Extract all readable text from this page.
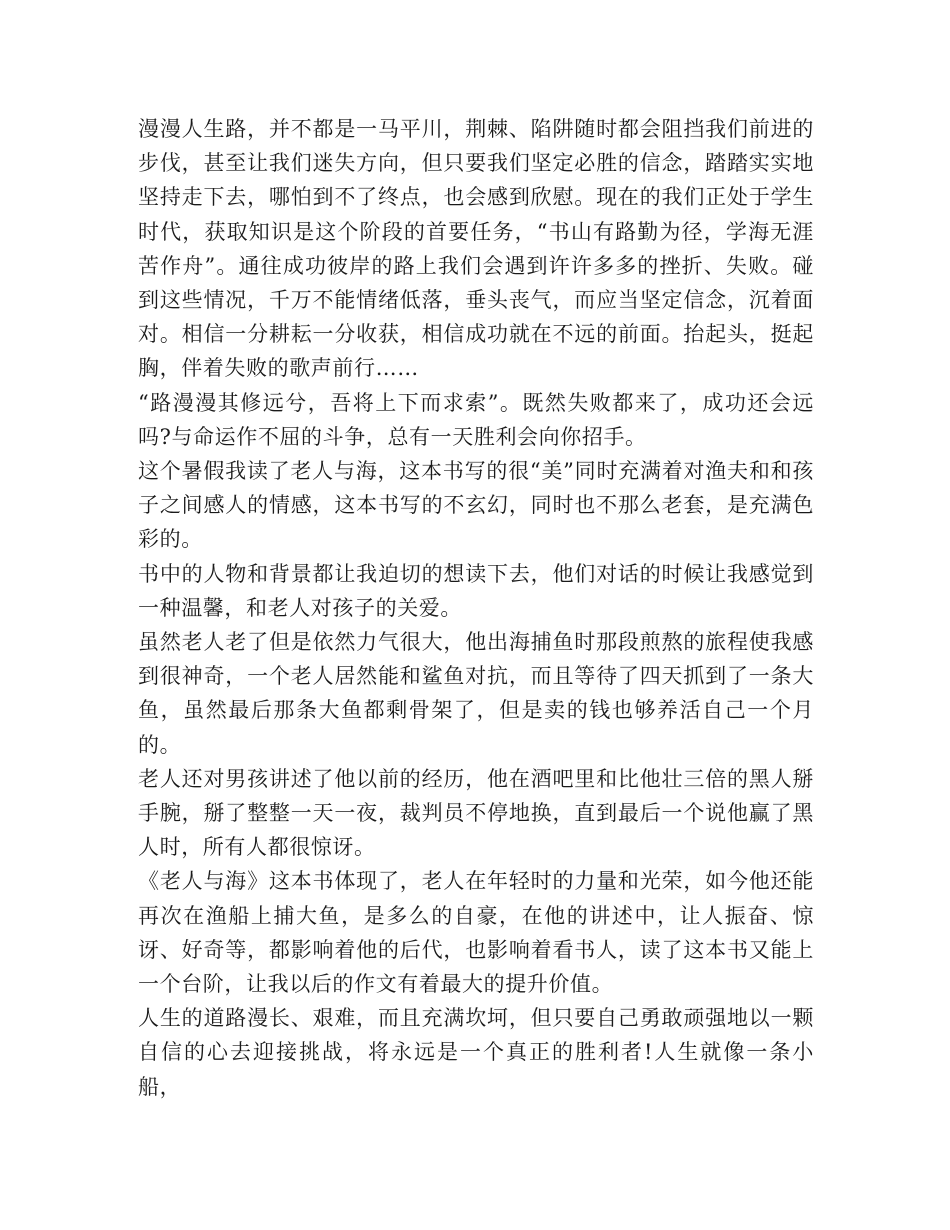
漫漫人生路，并不都是一马平川，荆棘、陷阱随时都会阻挡我们前进的步伐，甚至让我们迷失方向，但只要我们坚定必胜的信念，踏踏实实地坚持走下去，哪怕到不了终点，也会感到欣慰。现在的我们正处于学生时代，获取知识是这个阶段的首要任务，“书山有路勤为径，学海无涯苦作舟”。通往成功彼岸的路上我们会遇到许许多多的挫折、失败。碰到这些情况，千万不能情绪低落，垂头丧气，而应当坚定信念，沉着面对。相信一分耕耘一分收获，相信成功就在不远的前面。抬起头，挺起胸，伴着失败的歌声前行……

“路漫漫其修远兮，吾将上下而求索”。既然失败都来了，成功还会远吗?与命运作不屈的斗争，总有一天胜利会向你招手。

这个暑假我读了老人与海，这本书写的很“美”同时充满着对渔夫和和孩子之间感人的情感，这本书写的不玄幻，同时也不那么老套，是充满色彩的。

书中的人物和背景都让我迫切的想读下去，他们对话的时候让我感觉到一种温馨，和老人对孩子的关爱。

虽然老人老了但是依然力气很大，他出海捕鱼时那段煎熬的旅程使我感到很神奇，一个老人居然能和鲨鱼对抗，而且等待了四天抓到了一条大鱼，虽然最后那条大鱼都剩骨架了，但是卖的钱也够养活自己一个月的。

老人还对男孩讲述了他以前的经历，他在酒吧里和比他壮三倍的黑人掰手腕，掰了整整一天一夜，裁判员不停地换，直到最后一个说他赢了黑人时，所有人都很惊讶。

《老人与海》这本书体现了，老人在年轻时的力量和光荣，如今他还能再次在渔船上捕大鱼，是多么的自豪，在他的讲述中，让人振奋、惊讶、好奇等，都影响着他的后代，也影响着看书人，读了这本书又能上一个台阶，让我以后的作文有着最大的提升价值。

人生的道路漫长、艰难，而且充满坎坷，但只要自己勇敢顽强地以一颗自信的心去迎接挑战，将永远是一个真正的胜利者!人生就像一条小船，
